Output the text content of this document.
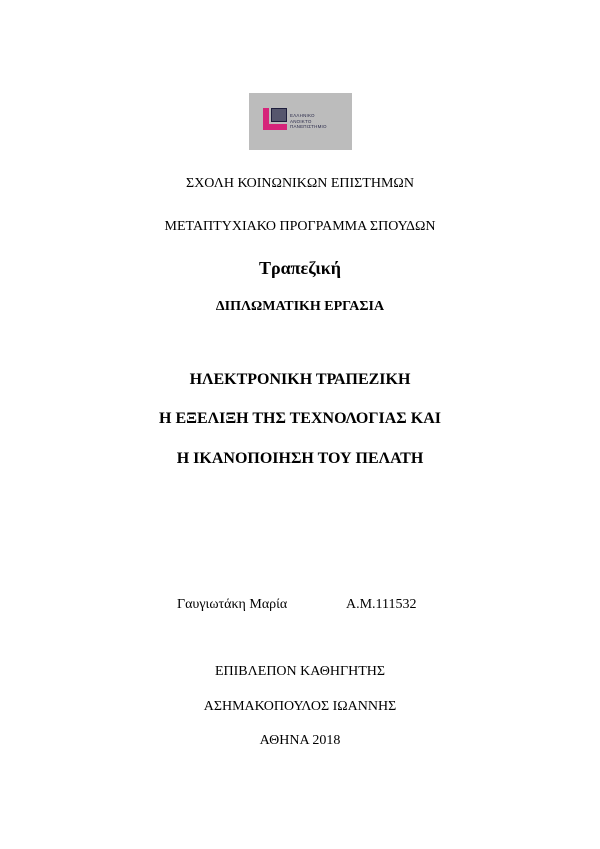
ΕΛΛΗΝΙΚΟ
ΑΝΟΙΚΤΟ
ΠΑΝΕΠΙΣΤΗΜΙΟ
ΣΧΟΛΗ ΚΟΙΝΩΝΙΚΩΝ ΕΠΙΣΤΗΜΩΝ
ΜΕΤΑΠΤΥΧΙΑΚΟ ΠΡΟΓΡΑΜΜΑ ΣΠΟΥΔΩΝ
Τραπεζική
ΔΙΠΛΩΜΑΤΙΚΗ ΕΡΓΑΣΙΑ
ΗΛΕΚΤΡΟΝΙΚΗ ΤΡΑΠΕΖΙΚΗ
Η ΕΞΕΛΙΞΗ ΤΗΣ ΤΕΧΝΟΛΟΓΙΑΣ ΚΑΙ
Η ΙΚΑΝΟΠΟΙΗΣΗ ΤΟΥ ΠΕΛΑΤΗ
Γαυγιωτάκη Μαρία	Α.Μ.111532
ΕΠΙΒΛΕΠΟΝ ΚΑΘΗΓΗΤΗΣ
ΑΣΗΜΑΚΟΠΟΥΛΟΣ ΙΩΑΝΝΗΣ
ΑΘΗΝΑ 2018
